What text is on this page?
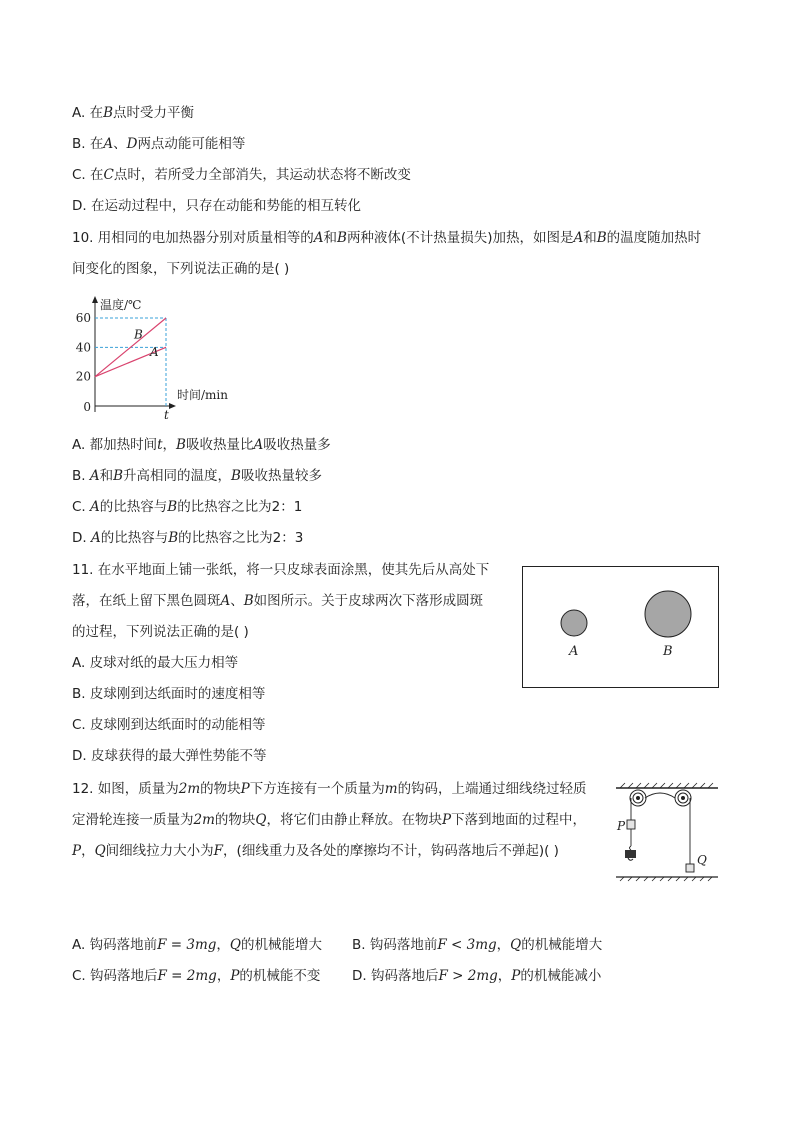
A. 在B点时受力平衡
B. 在A、D两点动能可能相等
C. 在C点时，若所受力全部消失，其运动状态将不断改变
D. 在运动过程中，只存在动能和势能的相互转化
10. 用相同的电加热器分别对质量相等的A和B两种液体(不计热量损失)加热，如图是A和B的温度随加热时
间变化的图象，下列说法正确的是( )
B
A
20
40
60
0
t
温度/℃
时间/min
A. 都加热时间t，B吸收热量比A吸收热量多
B. A和B升高相同的温度，B吸收热量较多
C. A的比热容与B的比热容之比为2：1
D. A的比热容与B的比热容之比为2：3
11. 在水平地面上铺一张纸，将一只皮球表面涂黑，使其先后从高处下
落，在纸上留下黑色圆斑A、B如图所示。关于皮球两次下落形成圆斑
的过程，下列说法正确的是( )
A. 皮球对纸的最大压力相等
B. 皮球刚到达纸面时的速度相等
C. 皮球刚到达纸面时的动能相等
D. 皮球获得的最大弹性势能不等
A	B
12. 如图，质量为2m的物块P下方连接有一个质量为m的钩码，上端通过细线绕过轻质
定滑轮连接一质量为2m的物块Q，将它们由静止释放。在物块P下落到地面的过程中，
P，Q间细线拉力大小为F，(细线重力及各处的摩擦均不计，钩码落地后不弹起)( )
P
Q
A. 钩码落地前F = 3mg，Q的机械能增大 B. 钩码落地前F < 3mg，Q的机械能增大
C. 钩码落地后F = 2mg，P的机械能不变 D. 钩码落地后F > 2mg，P的机械能减小
